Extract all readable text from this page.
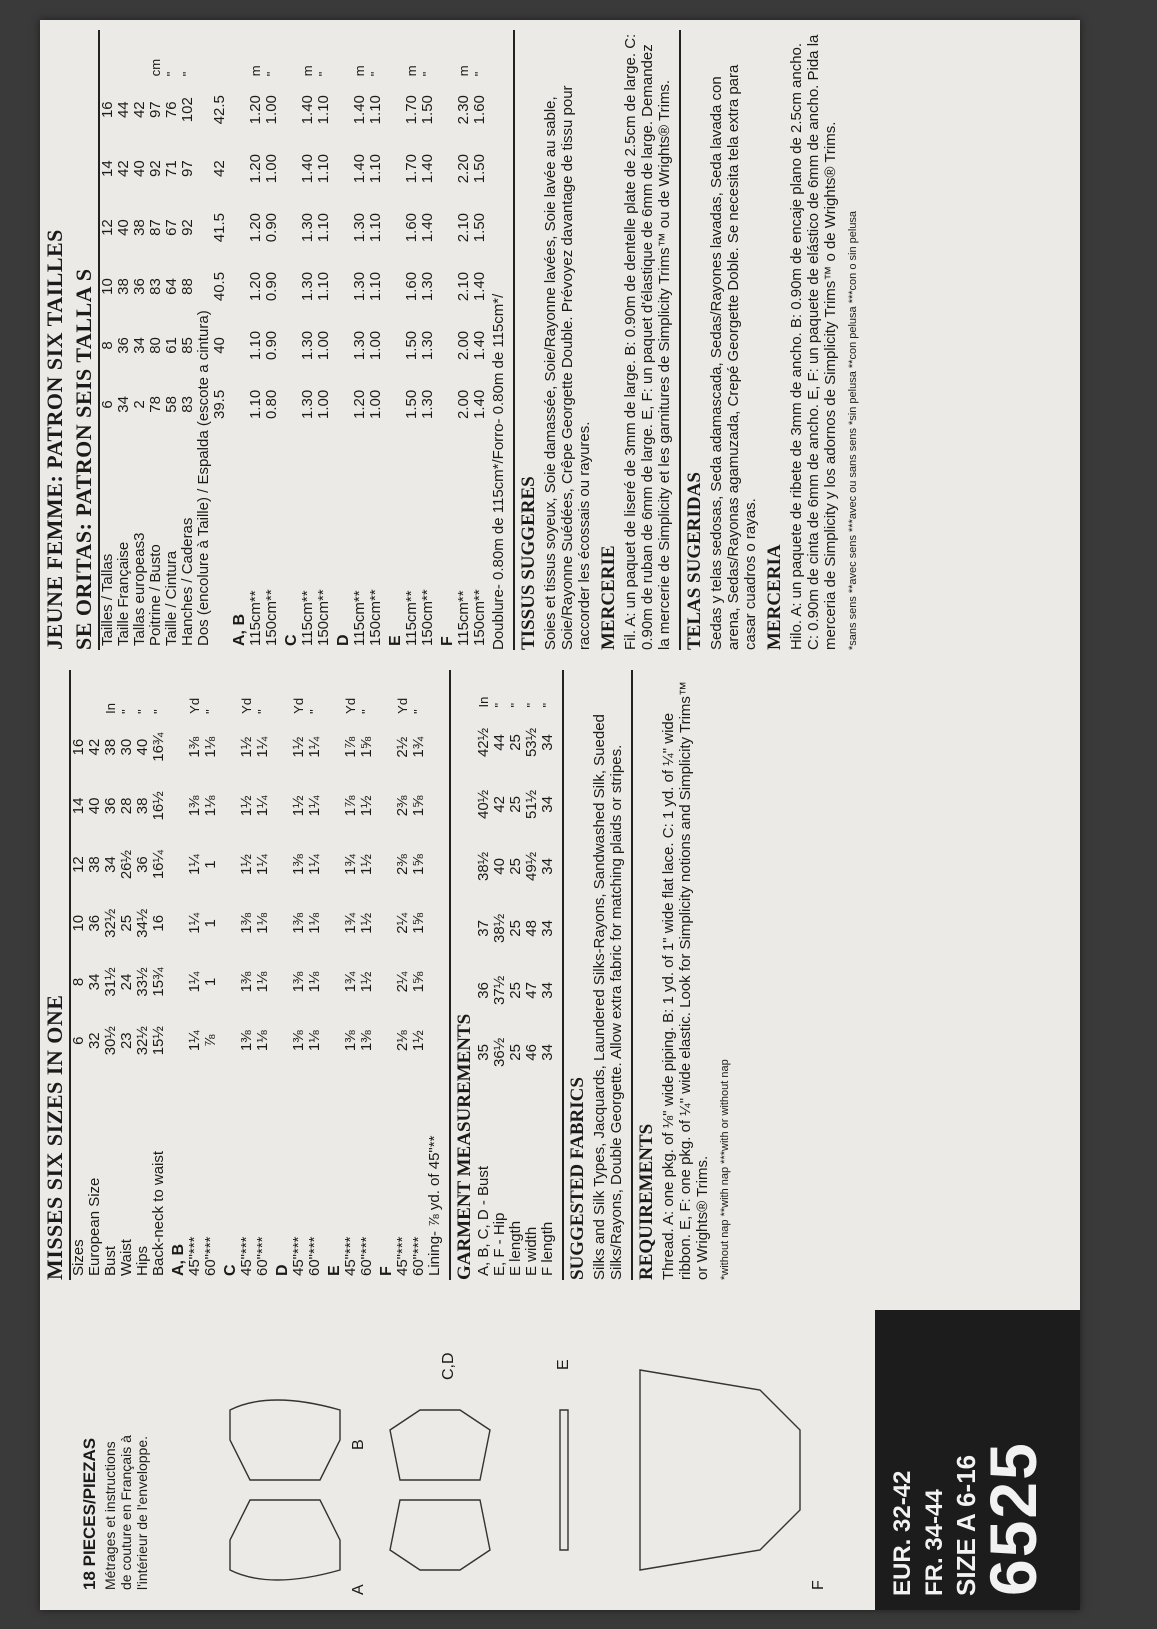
18 PIECES/PIEZAS Métrages et instructions de couture en Français à l'intérieur de l'enveloppe.	A
B
C,D	E
F	EUR. 32-42 FR. 34-44 SIZE A 6-16
6525
MISSES SIX SIZES IN ONE Sizes	6	8	10	12	14	16	
European Size	32	34	36	38	40	42	
Bust	30½	31½	32½	34	36	38	In
Waist	23	24	25	26½	28	30	"
Hips	32½	33½	34½	36	38	40	"
Back-neck to waist	15½	15¾	16	16¼	16½	16¾	"
A, B							
45"***	1¼	1¼	1¼	1¼	1⅜	1⅜	Yd
60"***	⅞	1	1	1	1⅛	1⅛	"
C							
45"***	1⅜	1⅜	1⅜	1½	1½	1½	Yd
60"***	1⅛	1⅛	1⅛	1¼	1¼	1¼	"
D							
45"***	1⅜	1⅜	1⅜	1⅜	1½	1½	Yd
60"***	1⅛	1⅛	1⅛	1¼	1¼	1¼	"
E							
45"***	1⅜	1¾	1¾	1¾	1⅞	1⅞	Yd
60"***	1⅜	1½	1½	1½	1½	1⅝	"
F							
45"***	2⅛	2¼	2¼	2⅜	2⅜	2½	Yd
60"***	1½	1⅝	1⅝	1⅝	1⅝	1¾	"
Lining- ⅞ yd. of 45"**							GARMENT MEASUREMENTS A, B, C, D - Bust	35	36	37	38½	40½	42½	In
E, F - Hip	36½	37½	38½	40	42	44	"
E length	25	25	25	25	25	25	"
E width	46	47	48	49½	51½	53½	"
F length	34	34	34	34	34	34	"
SUGGESTED FABRICS Silks and Silk Types, Jacquards, Laundered Silks-Rayons, Sandwashed Silk, Sueded Silks/Rayons, Double Georgette. Allow extra fabric for matching plaids or stripes. REQUIREMENTS Thread. A: one pkg. of ⅛" wide piping. B: 1 yd. of 1" wide flat lace. C: 1 yd. of ¼" wide ribbon. E, F: one pkg. of ¼" wide elastic. Look for Simplicity notions and Simplicity Trims™ or Wrights® Trims. *without nap **with nap ***with or without nap
JEUNE FEMME: PATRON SIX TAILLES SE ORITAS: PATRON SEIS TALLA S Tailles / Tallas	6	8	10	12	14	16	
Taille Française	34	36	38	40	42	44	
Tallas europeas3	2	34	36	38	40	42	
Poitrine / Busto	78	80	83	87	92	97	cm
Taille / Cintura	58	61	64	67	71	76	"
Hanches / Caderas	83	85	88	92	97	102	"
Dos (encolure à Taille) / Espalda (escote a cintura)							
	39.5	40	40.5	41.5	42	42.5	
A, B							
115cm**	1.10	1.10	1.20	1.20	1.20	1.20	m
150cm**	0.80	0.90	0.90	0.90	1.00	1.00	"
C							
115cm**	1.30	1.30	1.30	1.30	1.40	1.40	m
150cm**	1.00	1.00	1.10	1.10	1.10	1.10	"
D							
115cm**	1.20	1.30	1.30	1.30	1.40	1.40	m
150cm**	1.00	1.00	1.10	1.10	1.10	1.10	"
E							
115cm**	1.50	1.50	1.60	1.60	1.70	1.70	m
150cm**	1.30	1.30	1.30	1.40	1.40	1.50	"
F							
115cm**	2.00	2.00	2.10	2.10	2.20	2.30	m
150cm**	1.40	1.40	1.40	1.50	1.50	1.60	"
Doublure- 0.80m de 115cm*/Forro- 0.80m de 115cm*/ TISSUS SUGGERES Soies et tissus soyeux, Soie damassée, Soie/Rayonne lavées, Soie lavée au sable, Soie/Rayonne Suédées, Crêpe Georgette Double. Prévoyez davantage de tissu pour raccorder les écossais ou rayures. MERCERIE Fil. A: un paquet de liseré de 3mm de large. B: 0.90m de dentelle plate de 2.5cm de large. C: 0.90m de ruban de 6mm de large. E, F: un paquet d'élastique de 6mm de large. Demandez la mercerie de Simplicity et les garnitures de Simplicity Trims™ ou de Wrights® Trims. TELAS SUGERIDAS Sedas y telas sedosas, Seda adamascada, Sedas/Rayones lavadas, Seda lavada con arena, Sedas/Rayonas agamuzada, Crepé Georgette Doble. Se necesita tela extra para casar cuadros o rayas. MERCERIA Hilo. A: un paquete de ribete de 3mm de ancho. B: 0.90m de encaje plano de 2.5cm ancho. C: 0.90m de cinta de 6mm de ancho. E, F: un paquete de elástico de 6mm de ancho. Pida la merceria de Simplicity y los adornos de Simplicity Trims™ o de Wrights® Trims. *sans sens **avec sens ***avec ou sans sens *sin pelusa **con pelusa ***con o sin pelusa
